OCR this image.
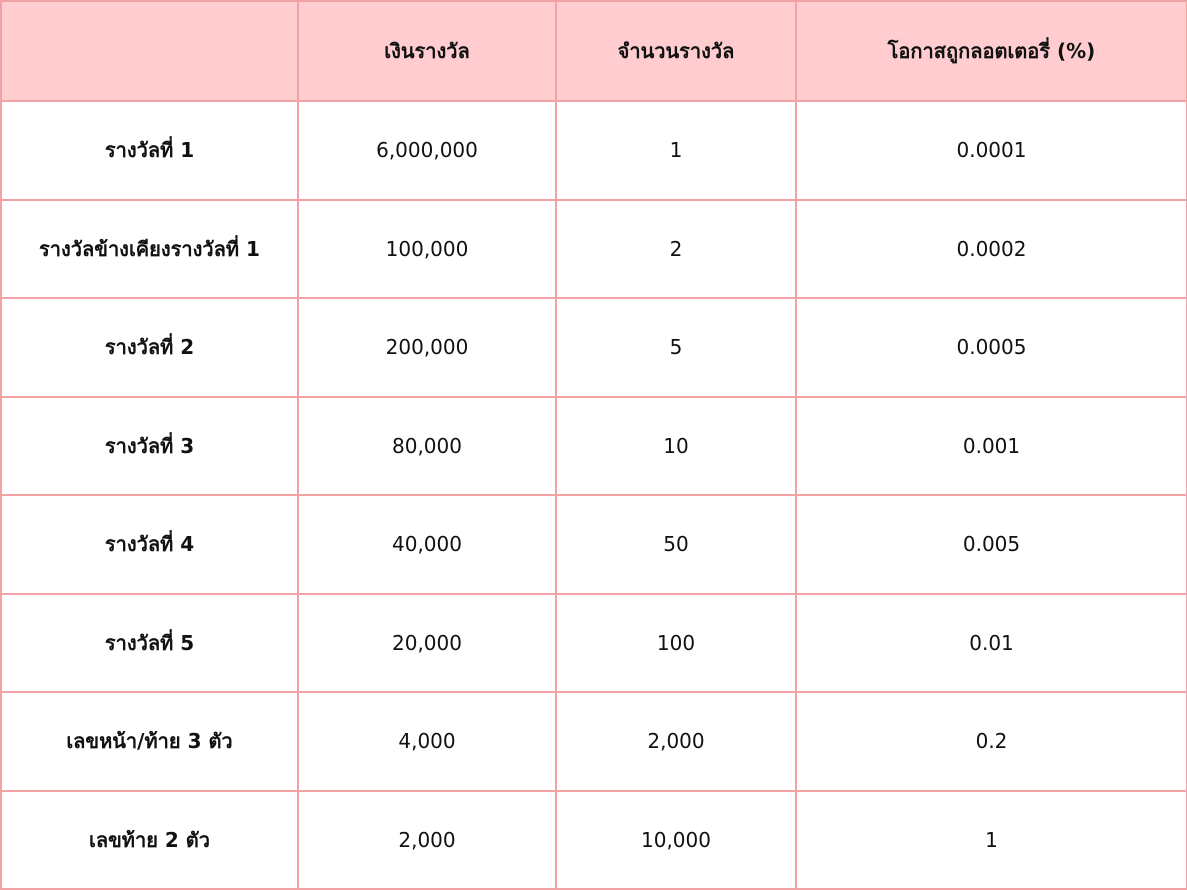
	เงินรางวัล	จำนวนรางวัล	โอกาสถูกลอตเตอรี่ (%)
รางวัลที่ 1	6,000,000	1	0.0001
รางวัลข้างเคียงรางวัลที่ 1	100,000	2	0.0002
รางวัลที่ 2	200,000	5	0.0005
รางวัลที่ 3	80,000	10	0.001
รางวัลที่ 4	40,000	50	0.005
รางวัลที่ 5	20,000	100	0.01
เลขหน้า/ท้าย 3 ตัว	4,000	2,000	0.2
เลขท้าย 2 ตัว	2,000	10,000	1
